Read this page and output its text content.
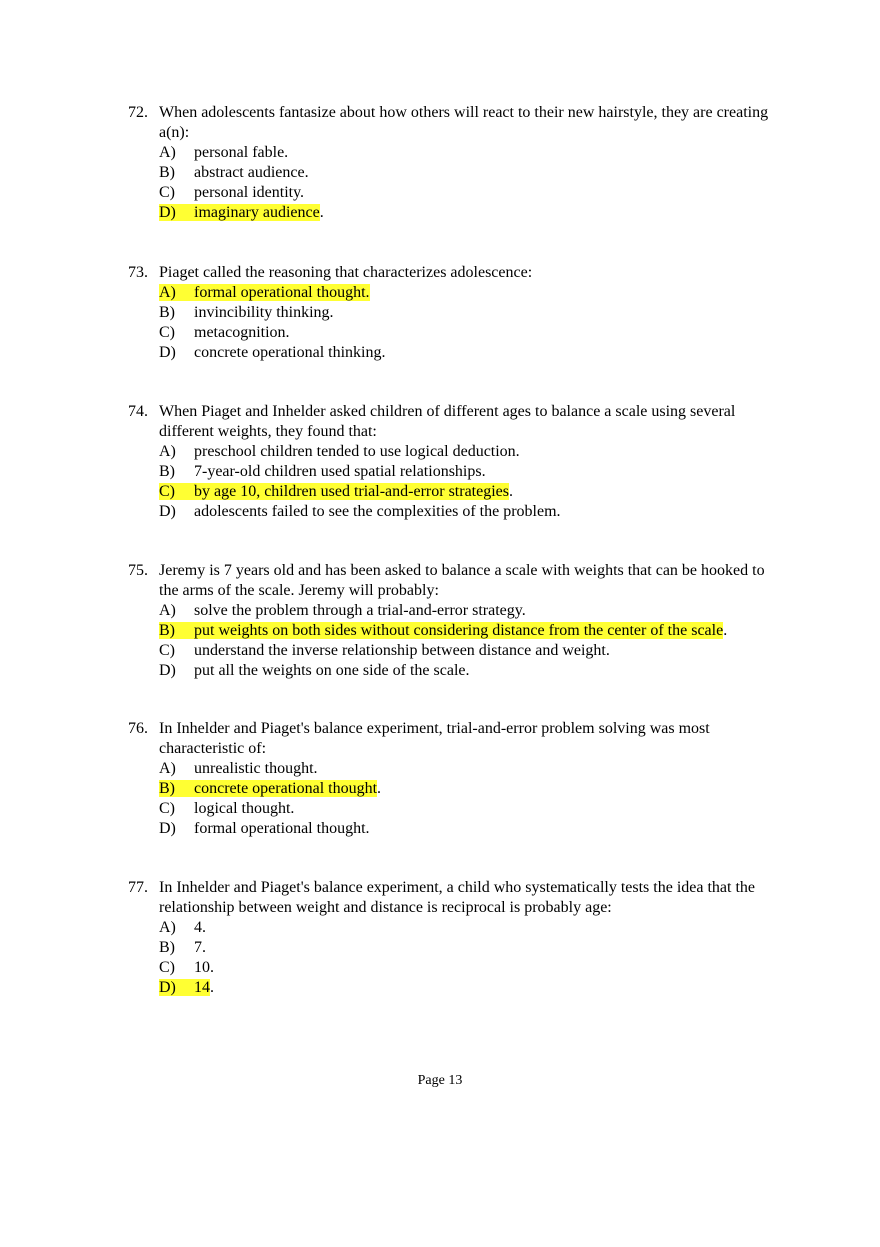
72. When adolescents fantasize about how others will react to their new hairstyle, they are creating a(n):
A) personal fable.
B) abstract audience.
C) personal identity.
D) imaginary audience.
73. Piaget called the reasoning that characterizes adolescence:
A) formal operational thought.
B) invincibility thinking.
C) metacognition.
D) concrete operational thinking.
74. When Piaget and Inhelder asked children of different ages to balance a scale using several different weights, they found that:
A) preschool children tended to use logical deduction.
B) 7-year-old children used spatial relationships.
C) by age 10, children used trial-and-error strategies.
D) adolescents failed to see the complexities of the problem.
75. Jeremy is 7 years old and has been asked to balance a scale with weights that can be hooked to the arms of the scale. Jeremy will probably:
A) solve the problem through a trial-and-error strategy.
B) put weights on both sides without considering distance from the center of the scale.
C) understand the inverse relationship between distance and weight.
D) put all the weights on one side of the scale.
76. In Inhelder and Piaget's balance experiment, trial-and-error problem solving was most characteristic of:
A) unrealistic thought.
B) concrete operational thought.
C) logical thought.
D) formal operational thought.
77. In Inhelder and Piaget's balance experiment, a child who systematically tests the idea that the relationship between weight and distance is reciprocal is probably age:
A) 4.
B) 7.
C) 10.
D) 14.
Page 13
